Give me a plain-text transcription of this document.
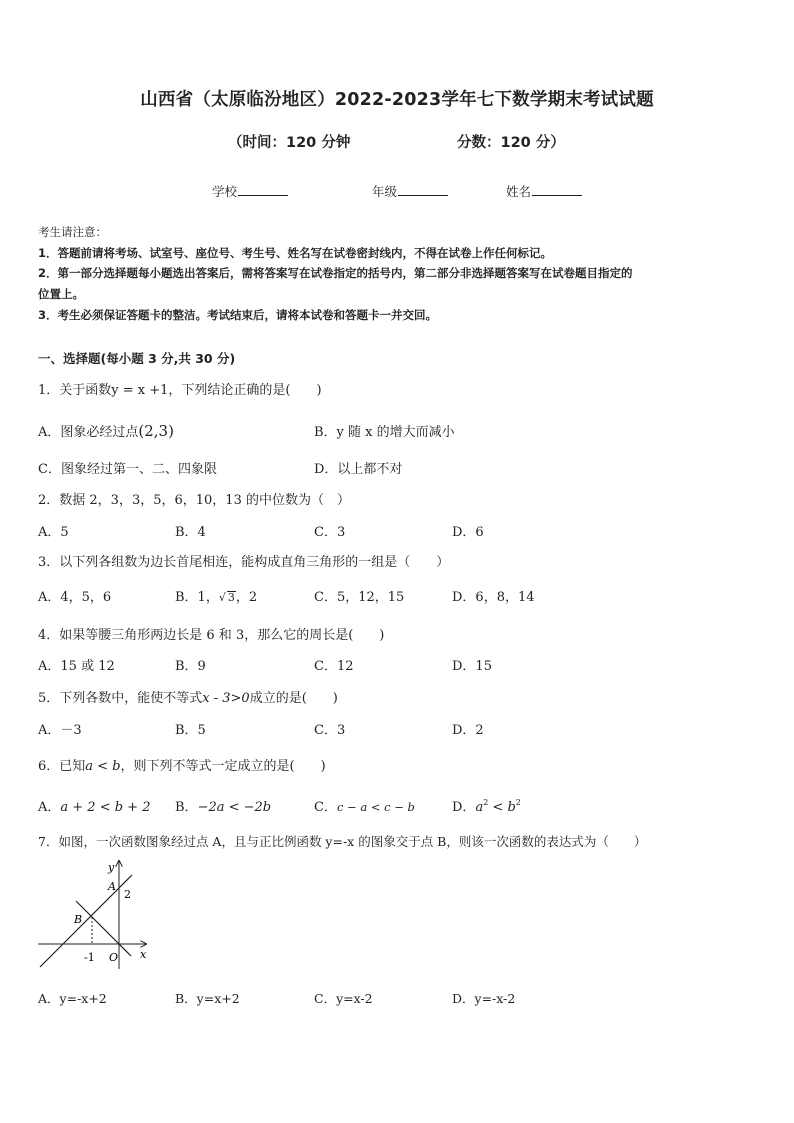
山西省（太原临汾地区）2022-2023学年七下数学期末考试试题
（时间：120 分钟	分数：120 分）
学校	年级	姓名
考生请注意：
1．答题前请将考场、试室号、座位号、考生号、姓名写在试卷密封线内，不得在试卷上作任何标记。
2．第一部分选择题每小题选出答案后，需将答案写在试卷指定的括号内，第二部分非选择题答案写在试卷题目指定的
位置上。
3．考生必须保证答题卡的整洁。考试结束后，请将本试卷和答题卡一并交回。
一、选择题(每小题 3 分,共 30 分)
1．关于函数y = x +1，下列结论正确的是(　　)
A．图象必经过点(2,3)	B．y 随 x 的增大而减小
C．图象经过第一、二、四象限	D．以上都不对
2．数据 2，3，3，5，6，10，13 的中位数为（　）
A．5	B．4	C．3	D．6
3．以下列各组数为边长首尾相连，能构成直角三角形的一组是（　　）
A．4，5，6	B．1，√ 3，2	C．5，12，15	D．6，8，14
4．如果等腰三角形两边长是 6 和 3，那么它的周长是(　　)
A．15 或 12	B．9	C．12	D．15
5．下列各数中，能使不等式x - 3>0成立的是(　　)
A．－3	B．5	C．3	D．2
6．已知a < b，则下列不等式一定成立的是(　　)
A．a + 2 < b + 2 B．−2a < −2b	C．c − a < c − b	D．$a^2 < b^2$
7．如图，一次函数图象经过点 A，且与正比例函数 y=-x 的图象交于点 B，则该一次函数的表达式为（　　）
y
x
A
2
B
-1 O
A．y=-x+2	B．y=x+2	C．y=x-2	D．y=-x-2
